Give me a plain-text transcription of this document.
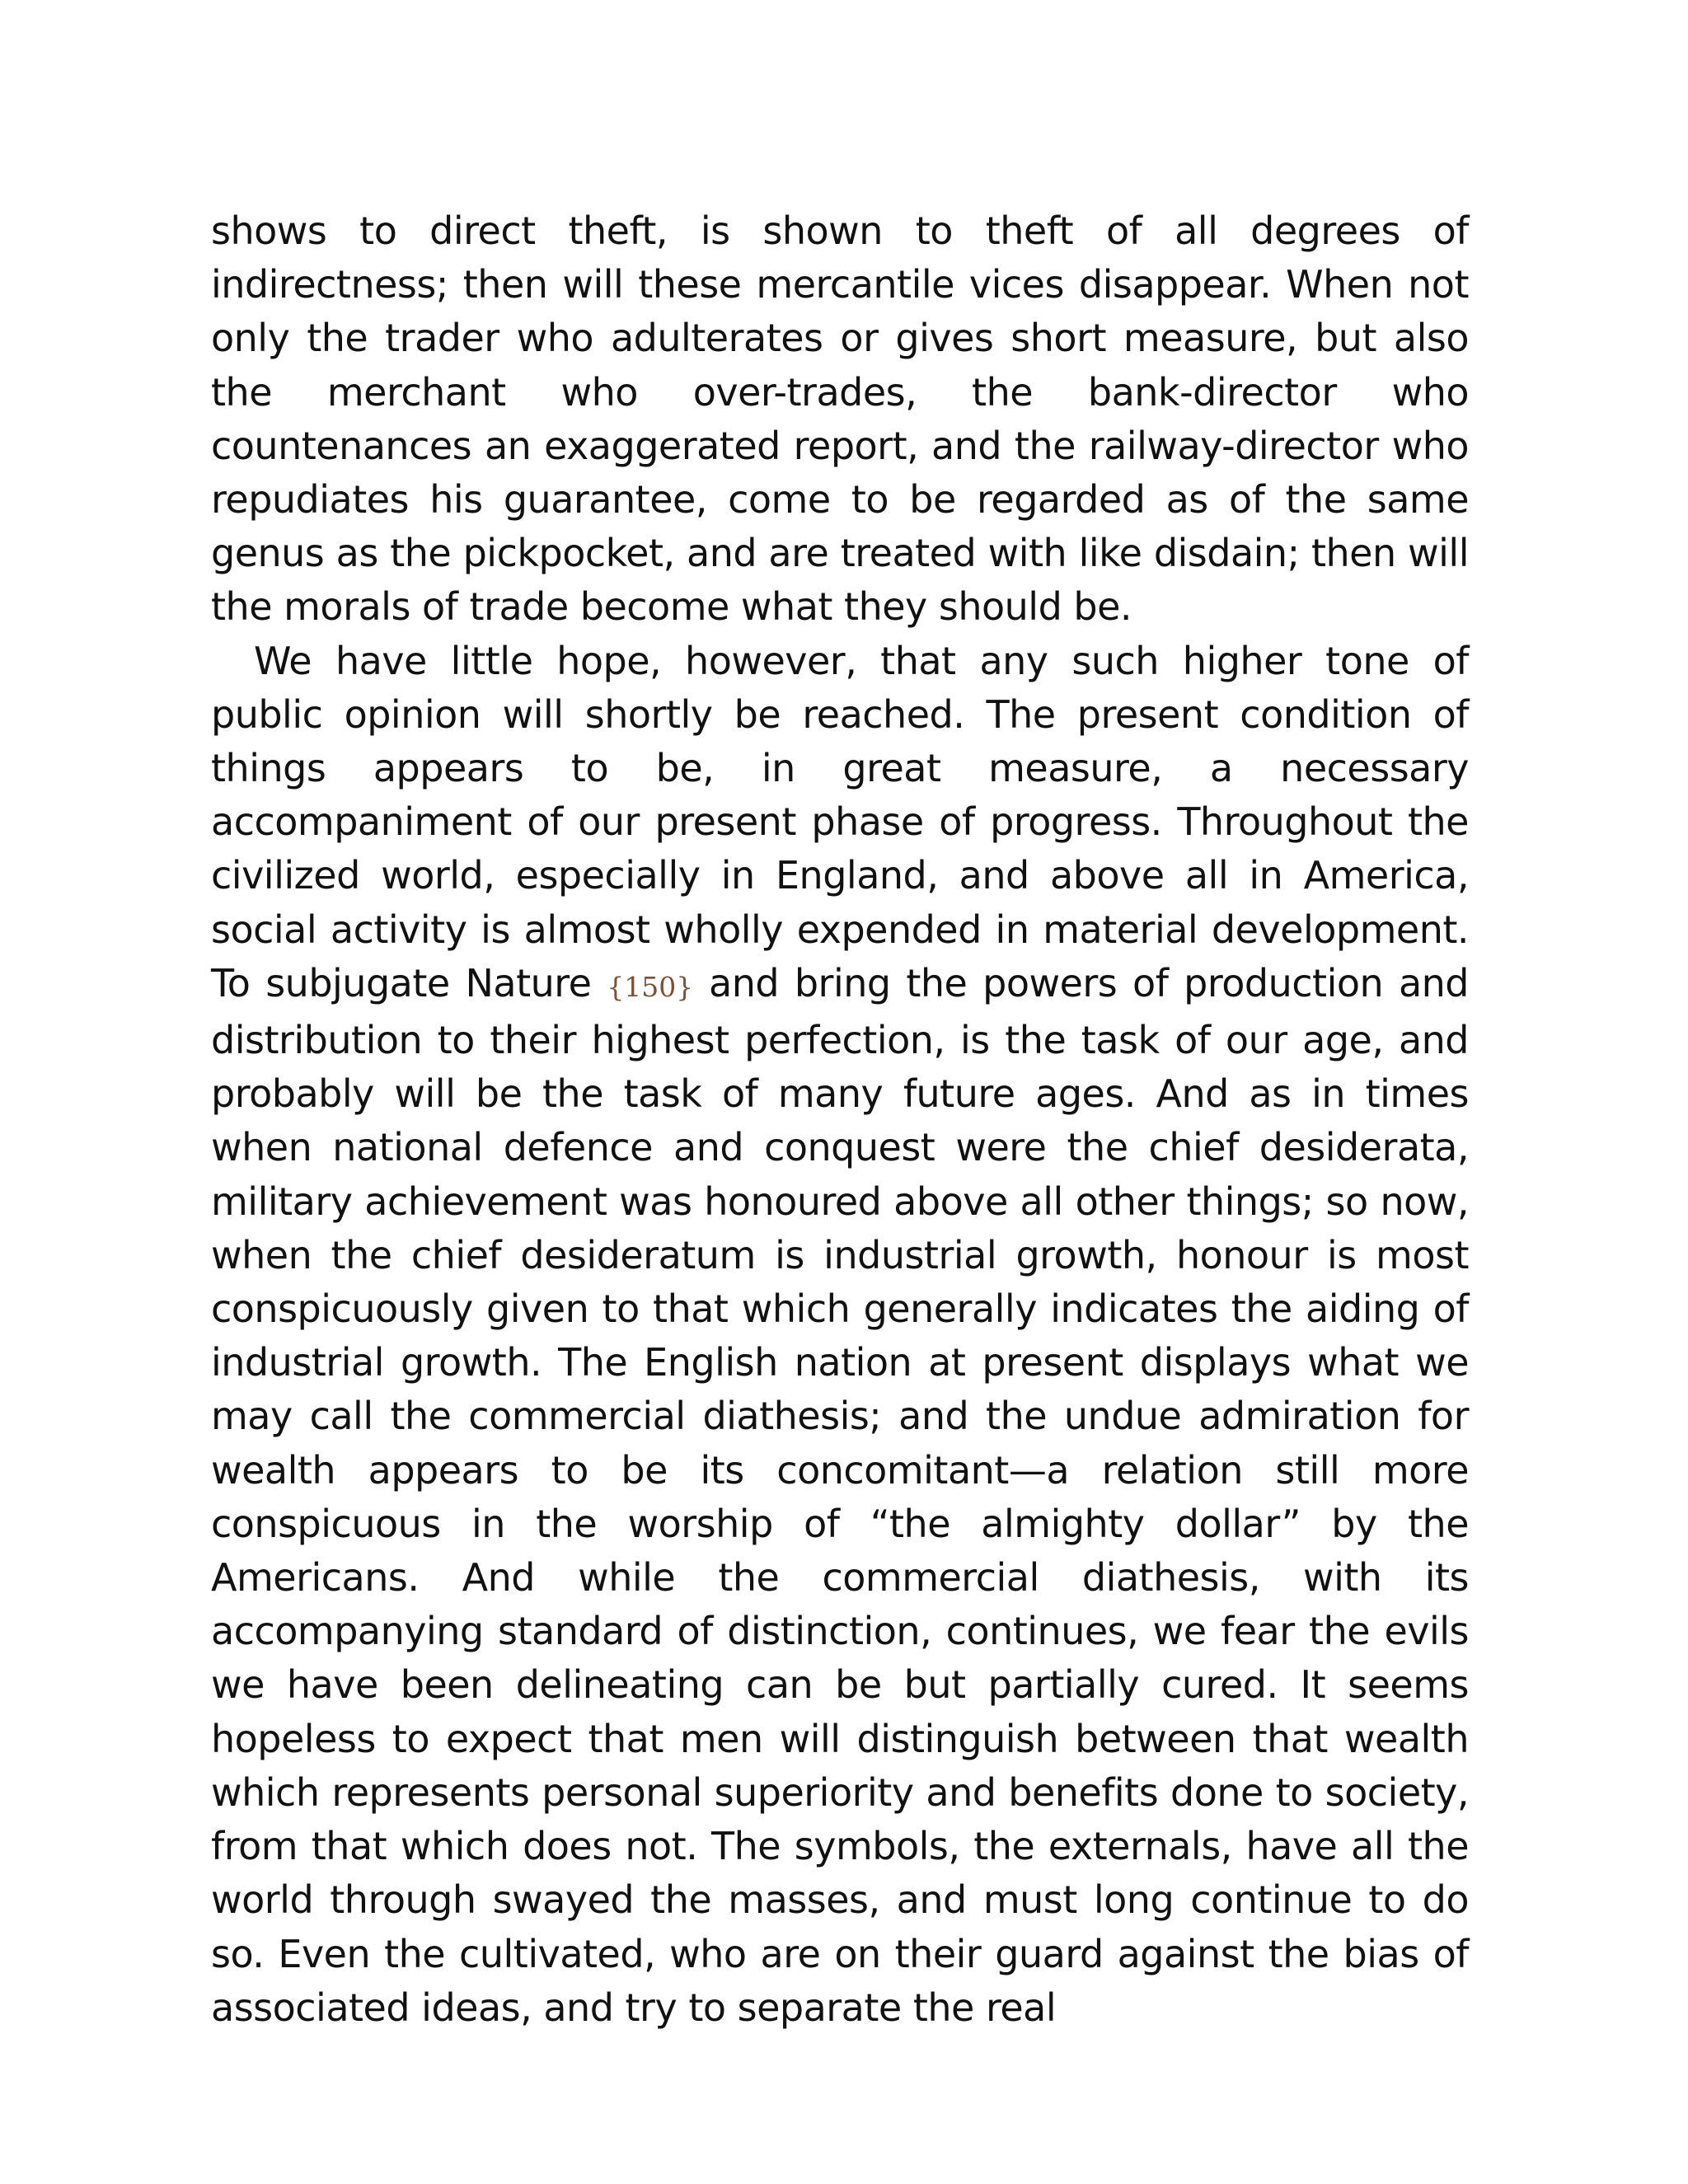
shows to direct theft, is shown to theft of all degrees of indirectness; then will these mercantile vices disappear. When not only the trader who adulterates or gives short measure, but also the merchant who over-trades, the bank-director who countenances an exaggerated report, and the railway-director who repudiates his guarantee, come to be regarded as of the same genus as the pickpocket, and are treated with like disdain; then will the morals of trade become what they should be.

We have little hope, however, that any such higher tone of public opinion will shortly be reached. The present condition of things appears to be, in great measure, a necessary accompaniment of our present phase of progress. Throughout the civilized world, especially in England, and above all in America, social activity is almost wholly expended in material development. To subjugate Nature {150} and bring the powers of production and distribution to their highest perfection, is the task of our age, and probably will be the task of many future ages. And as in times when national defence and conquest were the chief desiderata, military achievement was honoured above all other things; so now, when the chief desideratum is industrial growth, honour is most conspicuously given to that which generally indicates the aiding of industrial growth. The English nation at present displays what we may call the commercial diathesis; and the undue admiration for wealth appears to be its concomitant—a relation still more conspicuous in the worship of “the almighty dollar” by the Americans. And while the commercial diathesis, with its accompanying standard of distinction, continues, we fear the evils we have been delineating can be but partially cured. It seems hopeless to expect that men will distinguish between that wealth which represents personal superiority and benefits done to society, from that which does not. The symbols, the externals, have all the world through swayed the masses, and must long continue to do so. Even the cultivated, who are on their guard against the bias of associated ideas, and try to separate the real
